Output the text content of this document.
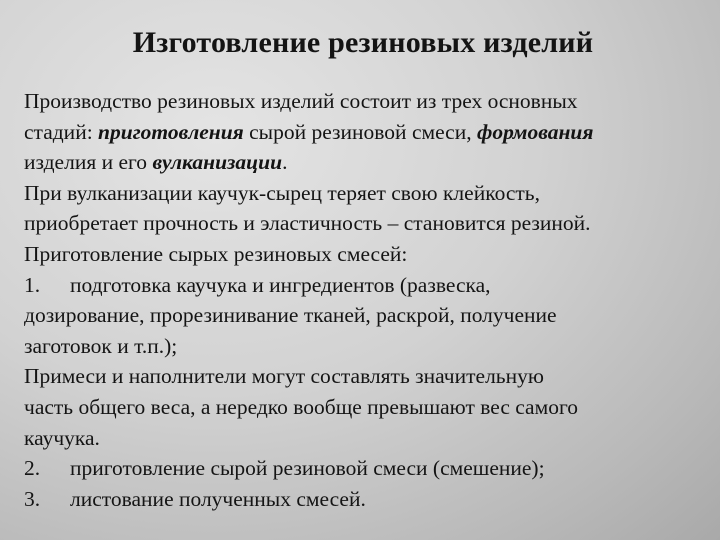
Изготовление резиновых изделий
Производство резиновых изделий состоит из трех основных
стадий: приготовления сырой резиновой смеси, формования
изделия и его вулканизации.
При вулканизации каучук-сырец теряет свою клейкость,
приобретает прочность и эластичность – становится резиной.
Приготовление сырых резиновых смесей:
1. подготовка каучука и ингредиентов (развеска,
дозирование, прорезинивание тканей, раскрой, получение
заготовок и т.п.);
Примеси и наполнители могут составлять значительную
часть общего веса, а нередко вообще превышают вес самого
каучука.
2. приготовление сырой резиновой смеси (смешение);
3. листование полученных смесей.
